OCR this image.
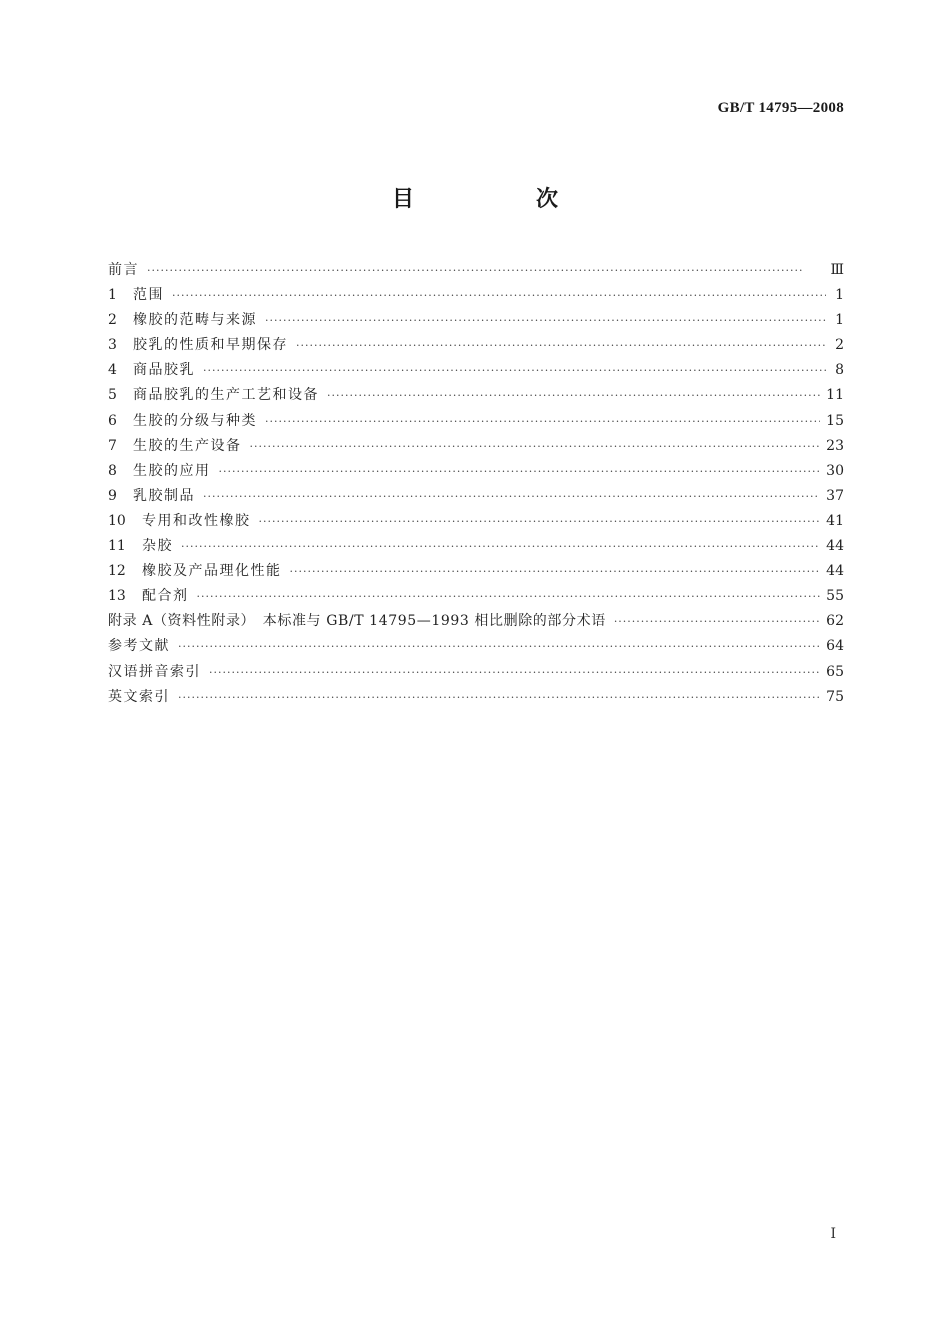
GB/T 14795—2008
目　次
前言 ·····	Ⅲ
1	范围 ·····	1
2	橡胶的范畴与来源 ·····	1
3	胶乳的性质和早期保存 ·····	2
4	商品胶乳 ·····	8
5	商品胶乳的生产工艺和设备 ·····	11
6	生胶的分级与种类 ·····	15
7	生胶的生产设备 ·····	23
8	生胶的应用 ·····	30
9	乳胶制品 ·····	37
10	专用和改性橡胶 ·····	41
11	杂胶 ·····	44
12	橡胶及产品理化性能 ·····	44
13	配合剂 ·····	55
附录 A（资料性附录）　本标准与 GB/T 14795—1993 相比删除的部分术语 ·····	62
参考文献 ·····	64
汉语拼音索引 ·····	65
英文索引 ·····	75
Ⅰ
